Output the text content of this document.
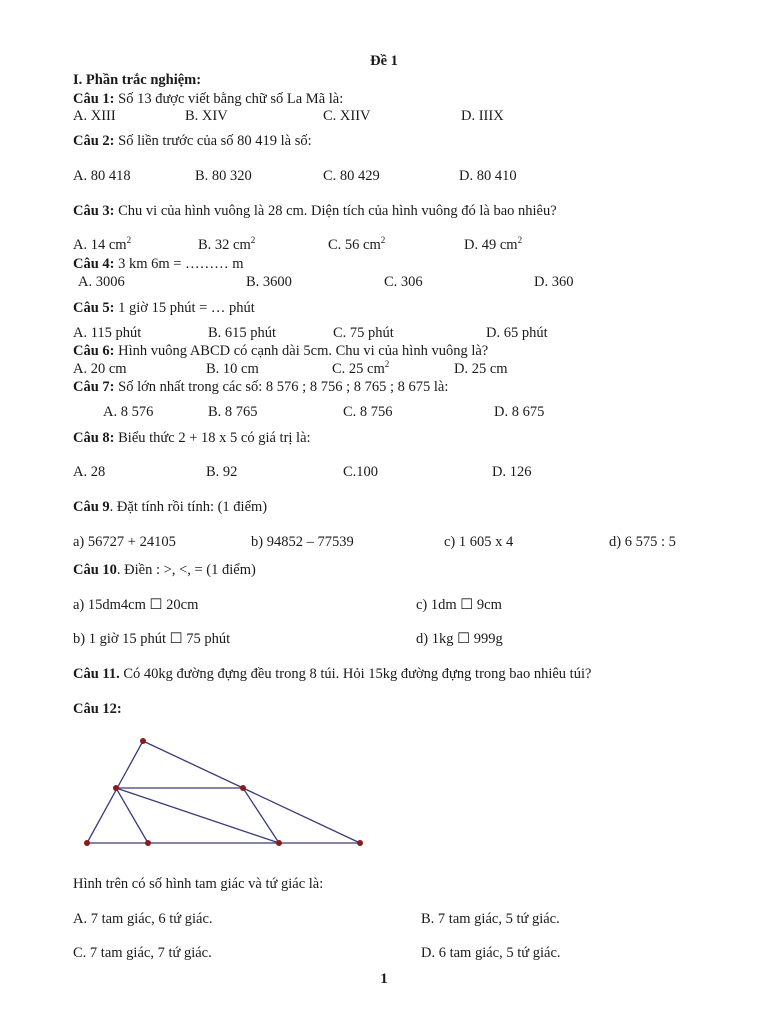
Đề 1
I. Phần trắc nghiệm:
Câu 1: Số 13 được viết bằng chữ số La Mã là:
A. XIII	B. XIV	C. XIIV	D. IIIX
Câu 2: Số liền trước của số 80 419 là số:
A. 80 418	B. 80 320	C. 80 429	D. 80 410
Câu 3: Chu vi của hình vuông là 28 cm. Diện tích của hình vuông đó là bao nhiêu?
A. 14 $cm^2$	B. 32 $cm^2$	C. 56 $cm^2$	D. 49 $cm^2$
Câu 4: 3 km 6m = ……… m
A. 3006	B. 3600	C. 306	D. 360
Câu 5: 1 giờ 15 phút = … phút
A. 115 phút	B. 615 phút	C. 75 phút	D. 65 phút
Câu 6: Hình vuông ABCD có cạnh dài 5cm. Chu vi của hình vuông là?
A. 20 cm	B. 10 cm	C. 25 $cm^2$	D. 25 cm
Câu 7: Số lớn nhất trong các số: 8 576 ; 8 756 ; 8 765 ; 8 675 là:
A. 8 576	B. 8 765	C. 8 756	D. 8 675
Câu 8: Biểu thức 2 + 18 x 5 có giá trị là:
A. 28	B. 92	C.100	D. 126
Câu 9. Đặt tính rồi tính: (1 điểm)
a) 56727 + 24105	b) 94852 – 77539	c) 1 605 x 4	d) 6 575 : 5
Câu 10. Điền : >, <, = (1 điểm)
a) 15dm4cm ☐ 20cm	c) 1dm ☐ 9cm
b) 1 giờ 15 phút ☐ 75 phút	d) 1kg ☐ 999g
Câu 11. Có 40kg đường đựng đều trong 8 túi. Hỏi 15kg đường đựng trong bao nhiêu túi?
Câu 12:
Hình trên có số hình tam giác và tứ giác là:
A. 7 tam giác, 6 tứ giác.	B. 7 tam giác, 5 tứ giác.
C. 7 tam giác, 7 tứ giác.	D. 6 tam giác, 5 tứ giác.
1
